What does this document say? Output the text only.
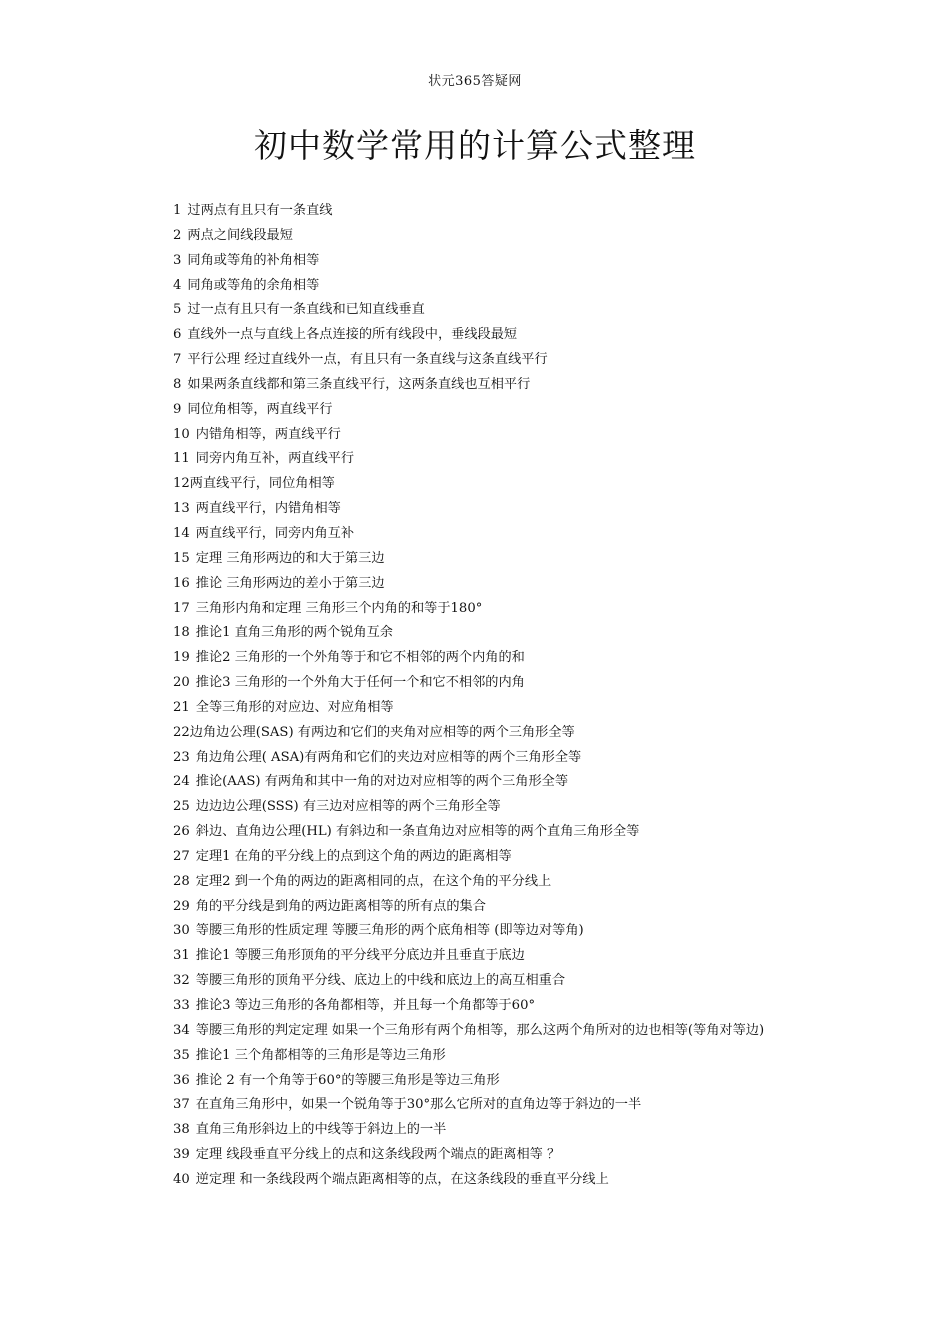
状元365答疑网
初中数学常用的计算公式整理
1 过两点有且只有一条直线
2 两点之间线段最短
3 同角或等角的补角相等
4 同角或等角的余角相等
5 过一点有且只有一条直线和已知直线垂直
6 直线外一点与直线上各点连接的所有线段中，垂线段最短
7 平行公理 经过直线外一点，有且只有一条直线与这条直线平行
8 如果两条直线都和第三条直线平行，这两条直线也互相平行
9 同位角相等，两直线平行
10 内错角相等，两直线平行
11 同旁内角互补，两直线平行
12两直线平行，同位角相等
13 两直线平行，内错角相等
14 两直线平行，同旁内角互补
15 定理 三角形两边的和大于第三边
16 推论 三角形两边的差小于第三边
17 三角形内角和定理 三角形三个内角的和等于180°
18 推论1 直角三角形的两个锐角互余
19 推论2 三角形的一个外角等于和它不相邻的两个内角的和
20 推论3 三角形的一个外角大于任何一个和它不相邻的内角
21 全等三角形的对应边、对应角相等
22边角边公理(SAS) 有两边和它们的夹角对应相等的两个三角形全等
23 角边角公理( ASA)有两角和它们的夹边对应相等的两个三角形全等
24 推论(AAS) 有两角和其中一角的对边对应相等的两个三角形全等
25 边边边公理(SSS) 有三边对应相等的两个三角形全等
26 斜边、直角边公理(HL) 有斜边和一条直角边对应相等的两个直角三角形全等
27 定理1 在角的平分线上的点到这个角的两边的距离相等
28 定理2 到一个角的两边的距离相同的点，在这个角的平分线上
29 角的平分线是到角的两边距离相等的所有点的集合
30 等腰三角形的性质定理 等腰三角形的两个底角相等 (即等边对等角)
31 推论1 等腰三角形顶角的平分线平分底边并且垂直于底边
32 等腰三角形的顶角平分线、底边上的中线和底边上的高互相重合
33 推论3 等边三角形的各角都相等，并且每一个角都等于60°
34 等腰三角形的判定定理 如果一个三角形有两个角相等，那么这两个角所对的边也相等(等角对等边)
35 推论1 三个角都相等的三角形是等边三角形
36 推论 2 有一个角等于60°的等腰三角形是等边三角形
37 在直角三角形中，如果一个锐角等于30°那么它所对的直角边等于斜边的一半
38 直角三角形斜边上的中线等于斜边上的一半
39 定理 线段垂直平分线上的点和这条线段两个端点的距离相等 ？
40 逆定理 和一条线段两个端点距离相等的点，在这条线段的垂直平分线上
